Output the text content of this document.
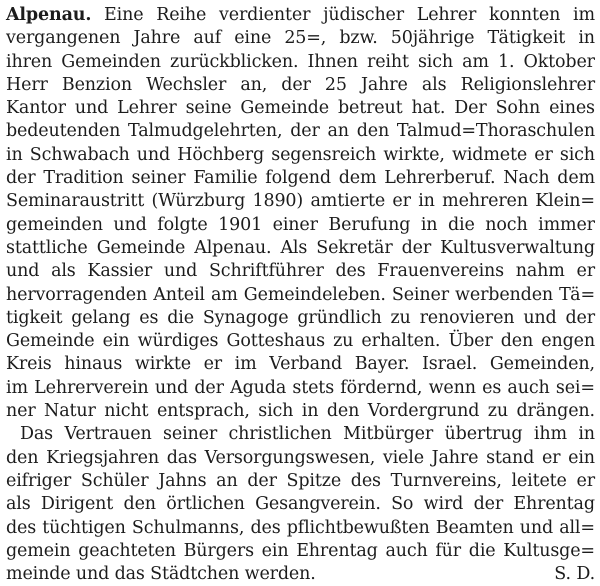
Alpenau. Eine Reihe verdienter jüdischer Lehrer konnten im
vergangenen Jahre auf eine 25=, bzw. 50jährige Tätigkeit in
ihren Gemeinden zurückblicken. Ihnen reiht sich am 1. Oktober
Herr Benzion Wechsler an, der 25 Jahre als Religionslehrer
Kantor und Lehrer seine Gemeinde betreut hat. Der Sohn eines
bedeutenden Talmudgelehrten, der an den Talmud=Thoraschulen
in Schwabach und Höchberg segensreich wirkte, widmete er sich
der Tradition seiner Familie folgend dem Lehrerberuf. Nach dem
Seminaraustritt (Würzburg 1890) amtierte er in mehreren Klein=
gemeinden und folgte 1901 einer Berufung in die noch immer
stattliche Gemeinde Alpenau. Als Sekretär der Kultusverwaltung
und als Kassier und Schriftführer des Frauenvereins nahm er
hervorragenden Anteil am Gemeindeleben. Seiner werbenden Tä=
tigkeit gelang es die Synagoge gründlich zu renovieren und der
Gemeinde ein würdiges Gotteshaus zu erhalten. Über den engen
Kreis hinaus wirkte er im Verband Bayer. Israel. Gemeinden,
im Lehrerverein und der Aguda stets fördernd, wenn es auch sei=
ner Natur nicht entsprach, sich in den Vordergrund zu drängen.
Das Vertrauen seiner christlichen Mitbürger übertrug ihm in
den Kriegsjahren das Versorgungswesen, viele Jahre stand er ein
eifriger Schüler Jahns an der Spitze des Turnvereins, leitete er
als Dirigent den örtlichen Gesangverein. So wird der Ehrentag
des tüchtigen Schulmanns, des pflichtbewußten Beamten und all=
gemein geachteten Bürgers ein Ehrentag auch für die Kultusge=
meinde und das Städtchen werden.	S. D.
